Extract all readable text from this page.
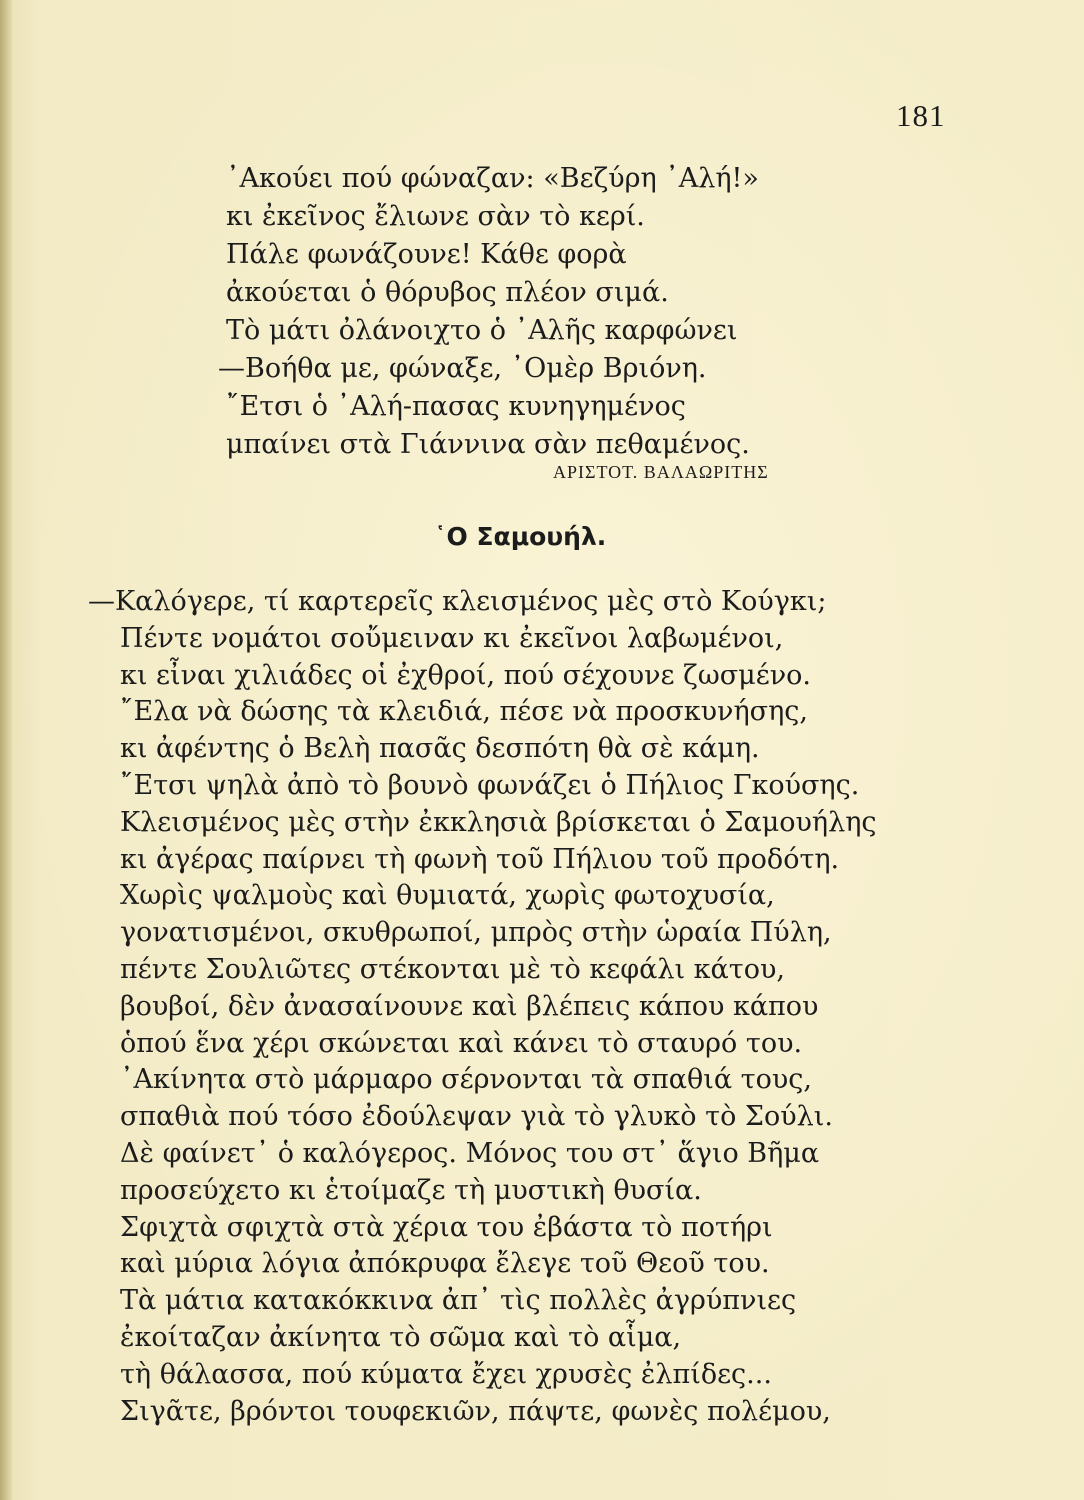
181
᾿Ακούει πού φώναζαν: «Βεζύρη ᾿Αλή!»
κι ἐκεῖνος ἔλιωνε σὰν τὸ κερί.
Πάλε φωνάζουνε! Κάθε φορὰ
ἀκούεται ὁ θόρυβος πλέον σιμά.
Τὸ μάτι ὀλάνοιχτο ὁ ᾿Αλῆς καρφώνει
—Βοήθα με, φώναξε, ᾿Ομὲρ Βριόνη.
῎Ετσι ὁ ᾿Αλή-πασας κυνηγημένος
μπαίνει στὰ Γιάννινα σὰν πεθαμένος.
ΑΡΙΣΤΟΤ. ΒΑΛΑΩΡΙΤΗΣ
῾Ο Σαμουήλ.
—Καλόγερε, τί καρτερεῖς κλεισμένος μὲς στὸ Κούγκι;
Πέντε νομάτοι σοὔμειναν κι ἐκεῖνοι λαβωμένοι,
κι εἶναι χιλιάδες οἱ ἐχθροί, πού σέχουνε ζωσμένο.
῎Ελα νὰ δώσης τὰ κλειδιά, πέσε νὰ προσκυνήσης,
κι ἀφέντης ὁ Βελὴ πασᾶς δεσπότη θὰ σὲ κάμη.
῎Ετσι ψηλὰ ἀπὸ τὸ βουνὸ φωνάζει ὁ Πήλιος Γκούσης.
Κλεισμένος μὲς στὴν ἐκκλησιὰ βρίσκεται ὁ Σαμουήλης
κι ἀγέρας παίρνει τὴ φωνὴ τοῦ Πήλιου τοῦ προδότη.
Χωρὶς ψαλμοὺς καὶ θυμιατά, χωρὶς φωτοχυσία,
γονατισμένοι, σκυθρωποί, μπρὸς στὴν ὡραία Πύλη,
πέντε Σουλιῶτες στέκονται μὲ τὸ κεφάλι κάτου,
βουβοί, δὲν ἀνασαίνουνε καὶ βλέπεις κάπου κάπου
ὁπού ἕνα χέρι σκώνεται καὶ κάνει τὸ σταυρό του.
᾿Ακίνητα στὸ μάρμαρο σέρνονται τὰ σπαθιά τους,
σπαθιὰ πού τόσο ἐδούλεψαν γιὰ τὸ γλυκὸ τὸ Σούλι.
Δὲ φαίνετ᾿ ὁ καλόγερος. Μόνος του στ᾿ ἅγιο Βῆμα
προσεύχετο κι ἑτοίμαζε τὴ μυστικὴ θυσία.
Σφιχτὰ σφιχτὰ στὰ χέρια του ἐβάστα τὸ ποτήρι
καὶ μύρια λόγια ἀπόκρυφα ἔλεγε τοῦ Θεοῦ του.
Τὰ μάτια κατακόκκινα ἀπ᾿ τὶς πολλὲς ἀγρύπνιες
ἐκοίταζαν ἀκίνητα τὸ σῶμα καὶ τὸ αἷμα,
τὴ θάλασσα, πού κύματα ἔχει χρυσὲς ἐλπίδες...
Σιγᾶτε, βρόντοι τουφεκιῶν, πάψτε, φωνὲς πολέμου,
